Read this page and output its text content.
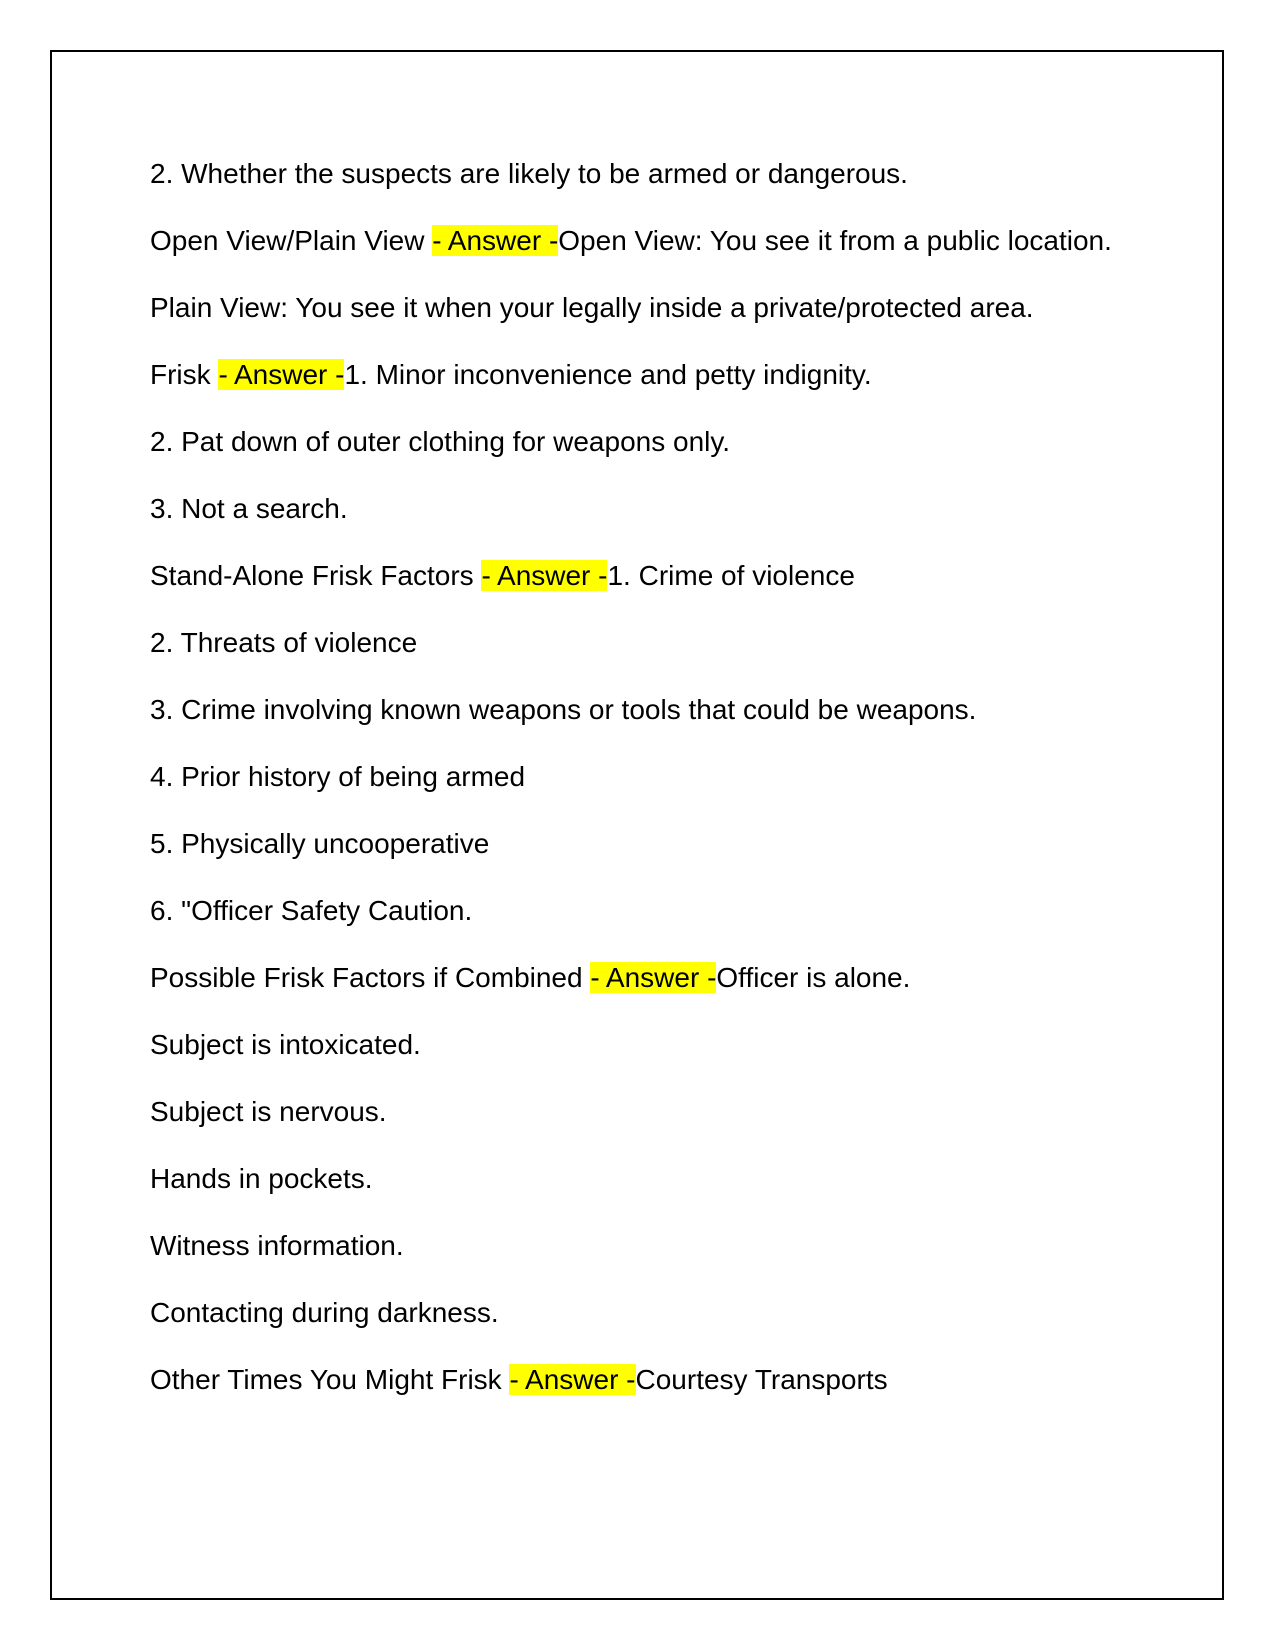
2. Whether the suspects are likely to be armed or dangerous.

Open View/Plain View - Answer -Open View: You see it from a public location.

Plain View: You see it when your legally inside a private/protected area.

Frisk - Answer -1. Minor inconvenience and petty indignity.

2. Pat down of outer clothing for weapons only.

3. Not a search.

Stand-Alone Frisk Factors - Answer -1. Crime of violence

2. Threats of violence

3. Crime involving known weapons or tools that could be weapons.

4. Prior history of being armed

5. Physically uncooperative

6. "Officer Safety Caution.

Possible Frisk Factors if Combined - Answer -Officer is alone.

Subject is intoxicated.

Subject is nervous.

Hands in pockets.

Witness information.

Contacting during darkness.

Other Times You Might Frisk - Answer -Courtesy Transports
